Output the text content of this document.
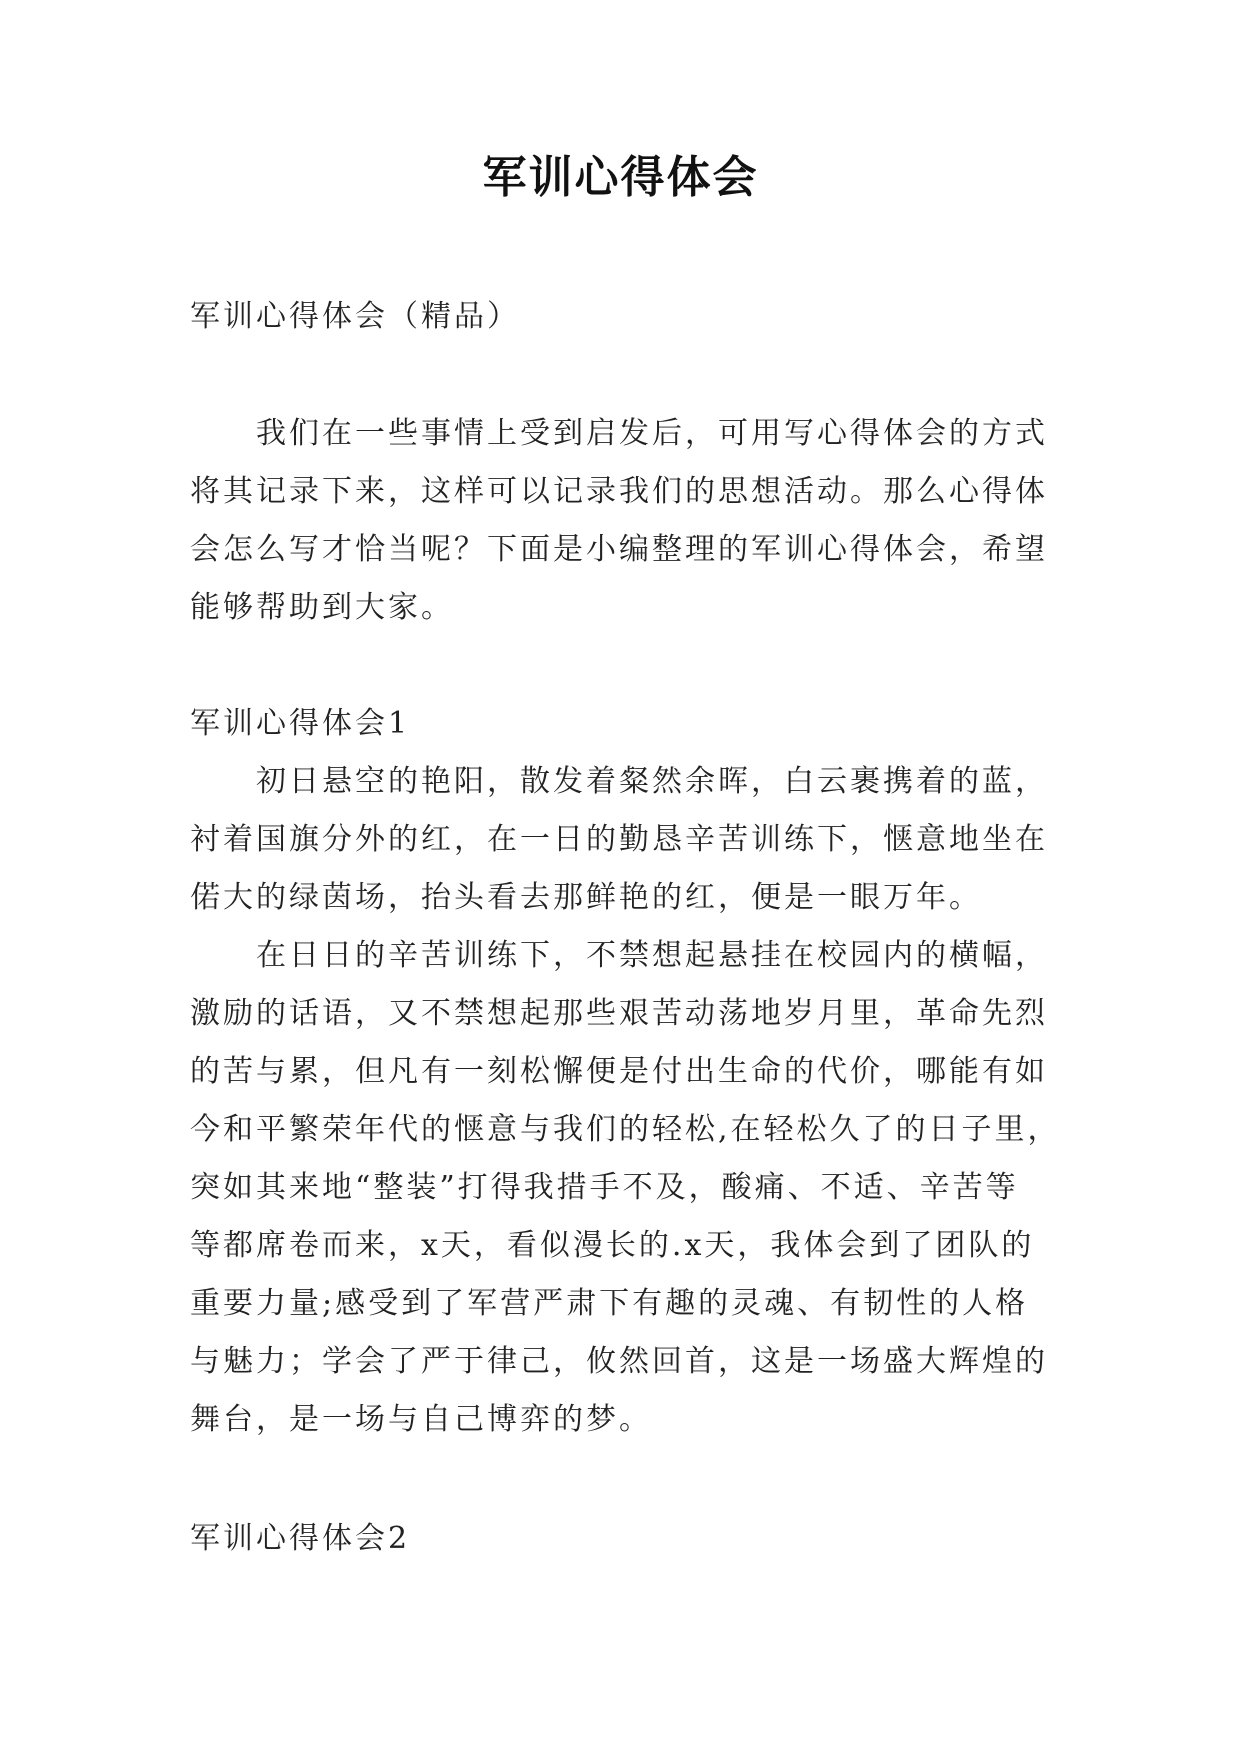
军训心得体会
军训心得体会（精品）
我们在一些事情上受到启发后，可用写心得体会的方式
将其记录下来，这样可以记录我们的思想活动。那么心得体
会怎么写才恰当呢？下面是小编整理的军训心得体会，希望
能够帮助到大家。
军训心得体会1
初日悬空的艳阳，散发着粲然余晖，白云裹携着的蓝，
衬着国旗分外的红，在一日的勤恳辛苦训练下，惬意地坐在
偌大的绿茵场，抬头看去那鲜艳的红，便是一眼万年。
在日日的辛苦训练下，不禁想起悬挂在校园内的横幅，
激励的话语，又不禁想起那些艰苦动荡地岁月里，革命先烈
的苦与累，但凡有一刻松懈便是付出生命的代价，哪能有如
今和平繁荣年代的惬意与我们的轻松,在轻松久了的日子里，
突如其来地“整装”打得我措手不及，酸痛、不适、辛苦等
等都席卷而来，x天，看似漫长的.x天，我体会到了团队的
重要力量;感受到了军营严肃下有趣的灵魂、有韧性的人格
与魅力；学会了严于律己，攸然回首，这是一场盛大辉煌的
舞台，是一场与自己博弈的梦。
军训心得体会2
